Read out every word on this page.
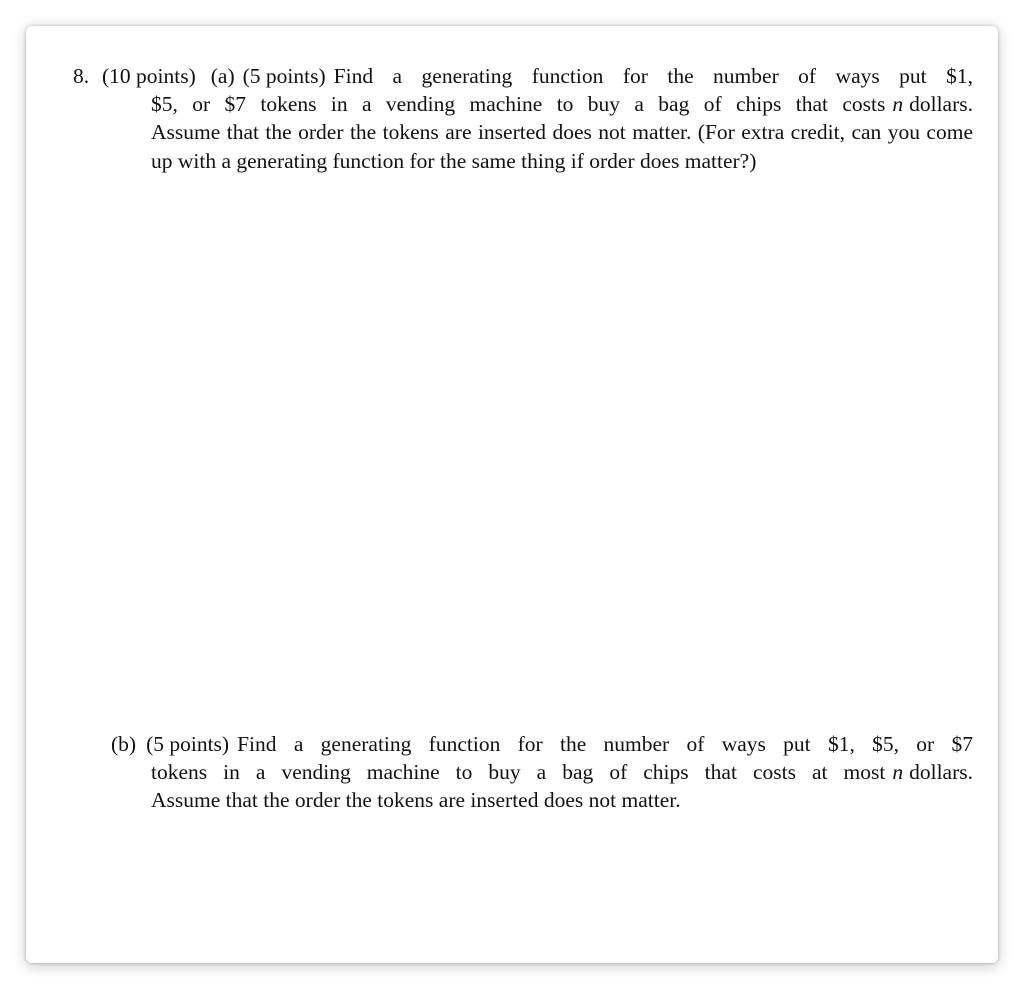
8. (10 points) (a) (5 points) Find a generating function for the number of ways put $1,
$5, or $7 tokens in a vending machine to buy a bag of chips that costs n dollars.
Assume that the order the tokens are inserted does not matter. (For extra credit, can you come up with a generating function for the same thing if order does matter?)
(b) (5 points) Find a generating function for the number of ways put $1, $5, or $7
tokens in a vending machine to buy a bag of chips that costs at most n dollars.
Assume that the order the tokens are inserted does not matter.
